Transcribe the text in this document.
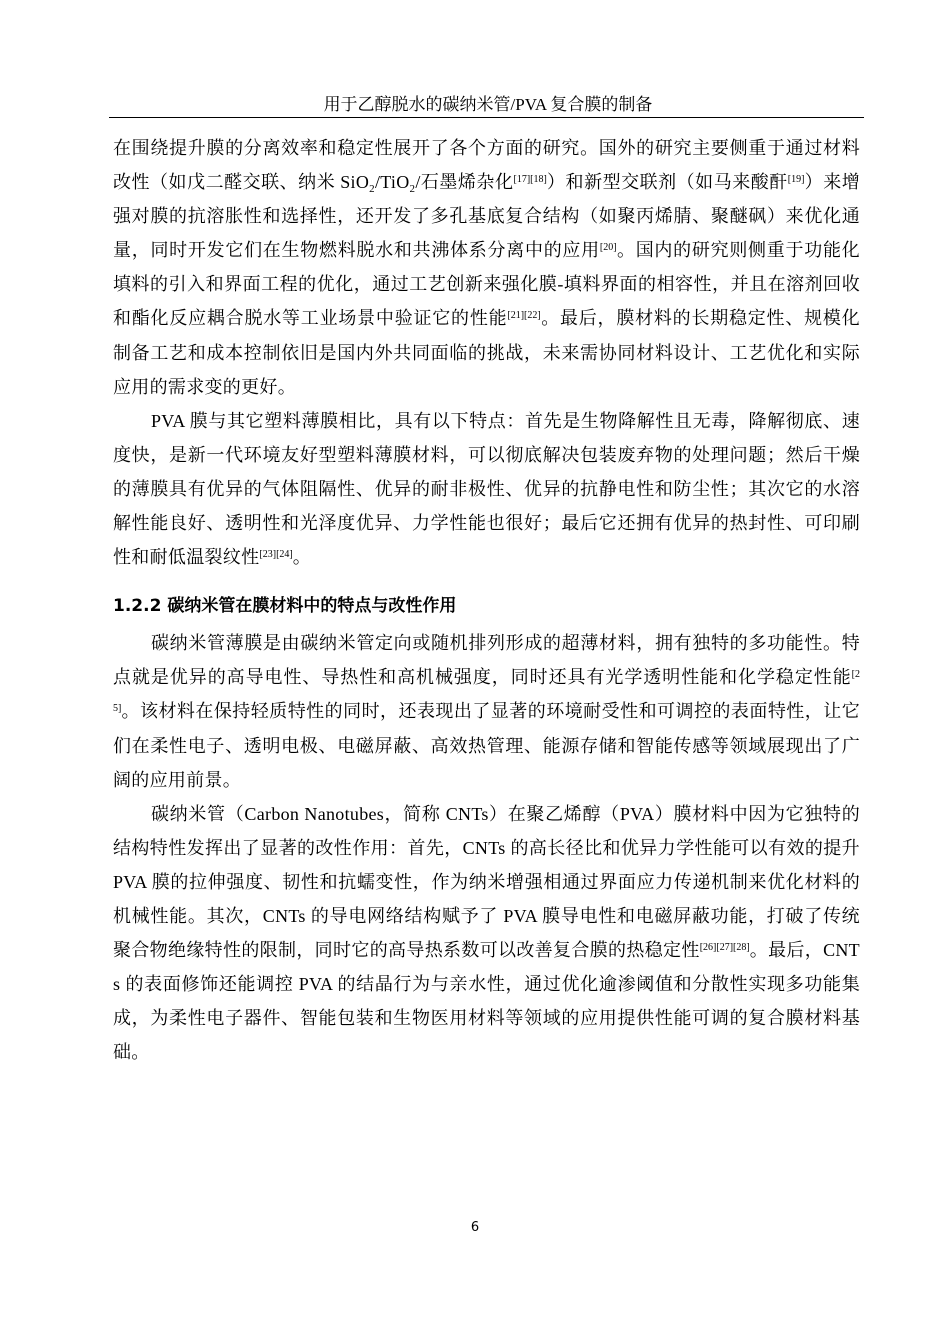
用于乙醇脱水的碳纳米管/PVA 复合膜的制备

在围绕提升膜的分离效率和稳定性展开了各个方面的研究。国外的研究主要侧重于通过材料改性（如戊二醛交联、纳米 SiO$_2$/TiO$_2$/石墨烯杂化[17][18]）和新型交联剂（如马来酸酐[19]）来增强对膜的抗溶胀性和选择性，还开发了多孔基底复合结构（如聚丙烯腈、聚醚砜）来优化通量，同时开发它们在生物燃料脱水和共沸体系分离中的应用[20]。国内的研究则侧重于功能化填料的引入和界面工程的优化，通过工艺创新来强化膜-填料界面的相容性，并且在溶剂回收和酯化反应耦合脱水等工业场景中验证它的性能[21][22]。最后，膜材料的长期稳定性、规模化制备工艺和成本控制依旧是国内外共同面临的挑战，未来需协同材料设计、工艺优化和实际应用的需求变的更好。

PVA 膜与其它塑料薄膜相比，具有以下特点：首先是生物降解性且无毒，降解彻底、速度快，是新一代环境友好型塑料薄膜材料，可以彻底解决包装废弃物的处理问题；然后干燥的薄膜具有优异的气体阻隔性、优异的耐非极性、优异的抗静电性和防尘性；其次它的水溶解性能良好、透明性和光泽度优异、力学性能也很好；最后它还拥有优异的热封性、可印刷性和耐低温裂纹性[23][24]。

1.2.2 碳纳米管在膜材料中的特点与改性作用

碳纳米管薄膜是由碳纳米管定向或随机排列形成的超薄材料，拥有独特的多功能性。特点就是优异的高导电性、导热性和高机械强度，同时还具有光学透明性能和化学稳定性能[25]。该材料在保持轻质特性的同时，还表现出了显著的环境耐受性和可调控的表面特性，让它们在柔性电子、透明电极、电磁屏蔽、高效热管理、能源存储和智能传感等领域展现出了广阔的应用前景。

碳纳米管（Carbon Nanotubes，简称 CNTs）在聚乙烯醇（PVA）膜材料中因为它独特的结构特性发挥出了显著的改性作用：首先，CNTs 的高长径比和优异力学性能可以有效的提升 PVA 膜的拉伸强度、韧性和抗蠕变性，作为纳米增强相通过界面应力传递机制来优化材料的机械性能。其次，CNTs 的导电网络结构赋予了 PVA 膜导电性和电磁屏蔽功能，打破了传统聚合物绝缘特性的限制，同时它的高导热系数可以改善复合膜的热稳定性[26][27][28]。最后，CNTs 的表面修饰还能调控 PVA 的结晶行为与亲水性，通过优化逾渗阈值和分散性实现多功能集成，为柔性电子器件、智能包装和生物医用材料等领域的应用提供性能可调的复合膜材料基础。

6
